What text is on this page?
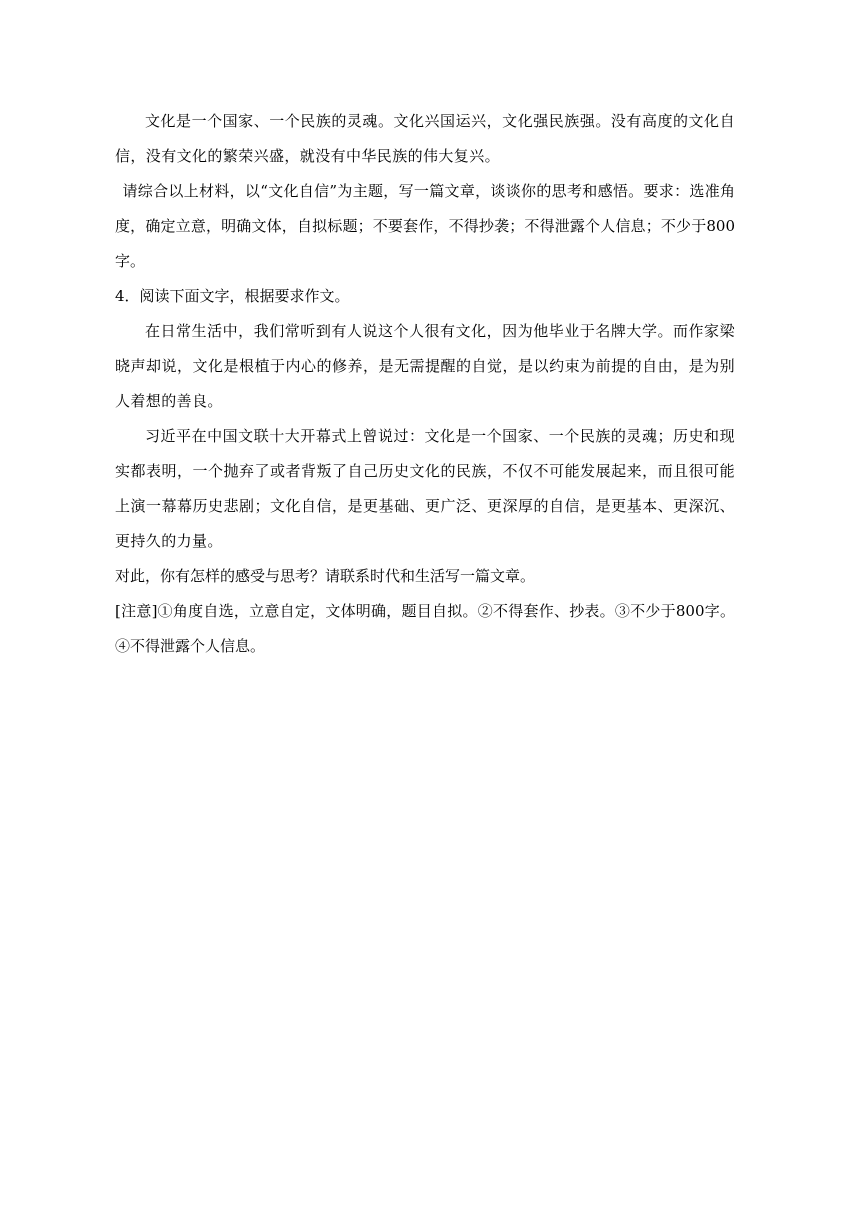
文化是一个国家、一个民族的灵魂。文化兴国运兴，文化强民族强。没有高度的文化自信，没有文化的繁荣兴盛，就没有中华民族的伟大复兴。

请综合以上材料，以“文化自信”为主题，写一篇文章，谈谈你的思考和感悟。要求：选准角度，确定立意，明确文体，自拟标题；不要套作，不得抄袭；不得泄露个人信息；不少于800字。

4．阅读下面文字，根据要求作文。

在日常生活中，我们常听到有人说这个人很有文化，因为他毕业于名牌大学。而作家梁晓声却说，文化是根植于内心的修养，是无需提醒的自觉，是以约束为前提的自由，是为别人着想的善良。

习近平在中国文联十大开幕式上曾说过：文化是一个国家、一个民族的灵魂；历史和现实都表明，一个抛弃了或者背叛了自己历史文化的民族，不仅不可能发展起来，而且很可能上演一幕幕历史悲剧；文化自信，是更基础、更广泛、更深厚的自信，是更基本、更深沉、更持久的力量。

对此，你有怎样的感受与思考？请联系时代和生活写一篇文章。

[注意]①角度自选，立意自定，文体明确，题目自拟。②不得套作、抄表。③不少于800字。④不得泄露个人信息。
